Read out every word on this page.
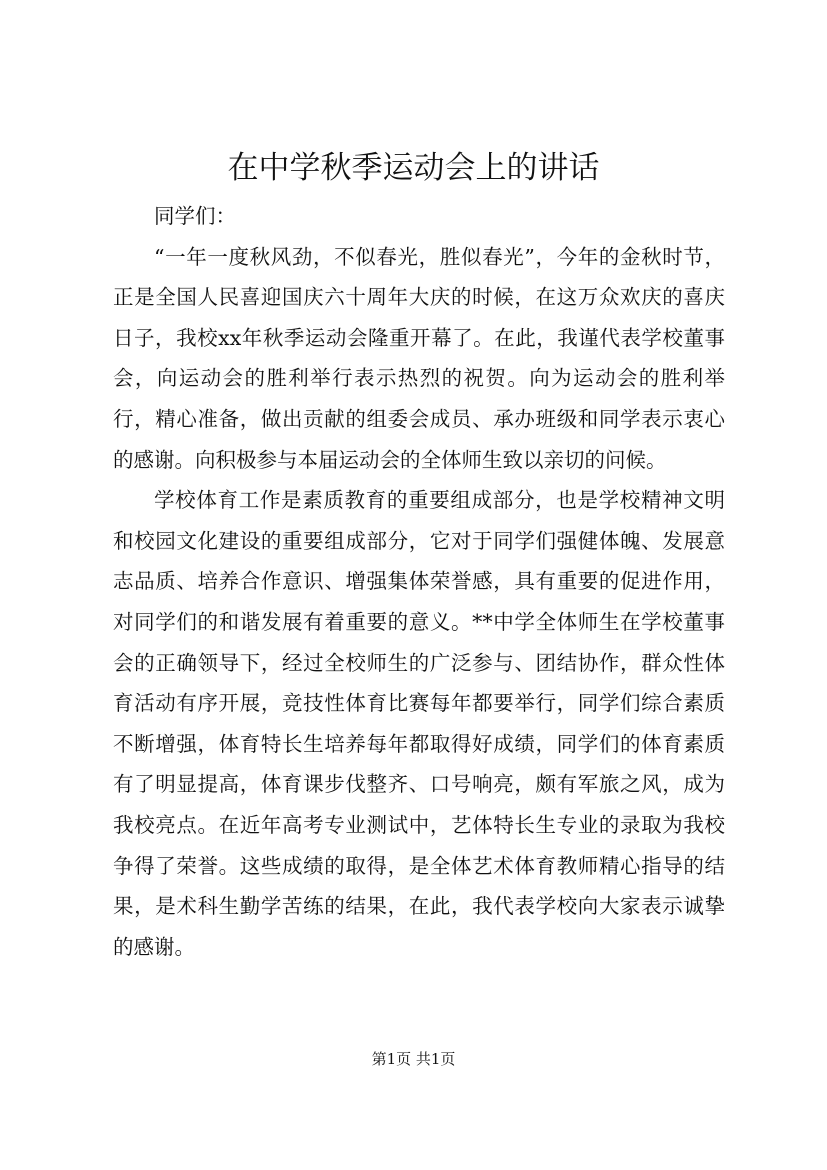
在中学秋季运动会上的讲话

同学们：

“一年一度秋风劲，不似春光，胜似春光”，今年的金秋时节，正是全国人民喜迎国庆六十周年大庆的时候，在这万众欢庆的喜庆日子，我校xx年秋季运动会隆重开幕了。在此，我谨代表学校董事会，向运动会的胜利举行表示热烈的祝贺。向为运动会的胜利举行，精心准备，做出贡献的组委会成员、承办班级和同学表示衷心的感谢。向积极参与本届运动会的全体师生致以亲切的问候。

学校体育工作是素质教育的重要组成部分，也是学校精神文明和校园文化建设的重要组成部分，它对于同学们强健体魄、发展意志品质、培养合作意识、增强集体荣誉感，具有重要的促进作用，对同学们的和谐发展有着重要的意义。**中学全体师生在学校董事会的正确领导下，经过全校师生的广泛参与、团结协作，群众性体育活动有序开展，竞技性体育比赛每年都要举行，同学们综合素质不断增强，体育特长生培养每年都取得好成绩，同学们的体育素质有了明显提高，体育课步伐整齐、口号响亮，颇有军旅之风，成为我校亮点。在近年高考专业测试中，艺体特长生专业的录取为我校争得了荣誉。这些成绩的取得，是全体艺术体育教师精心指导的结果，是术科生勤学苦练的结果，在此，我代表学校向大家表示诚挚的感谢。

第1页 共1页
